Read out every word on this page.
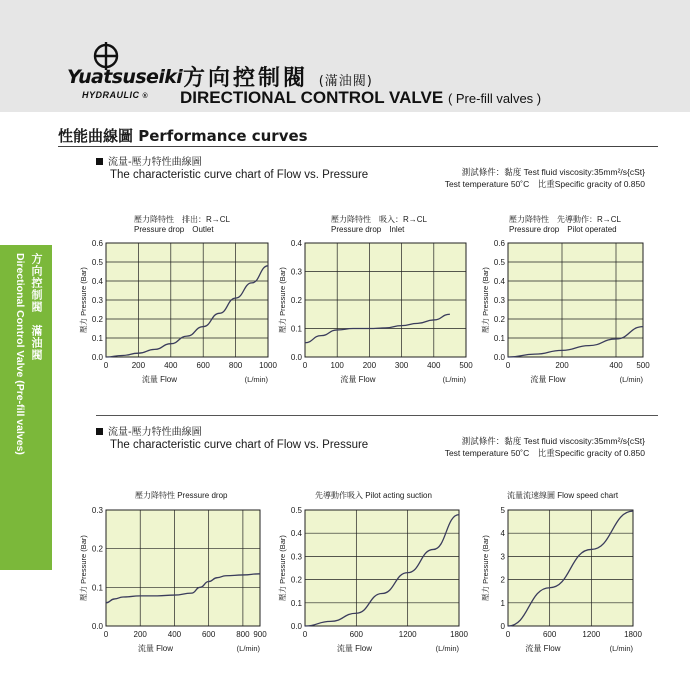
Yuatsuseiki
HYDRAULIC ®
方向控制閥 (滿油閥)
DIRECTIONAL CONTROL VALVE ( Pre-fill valves )
性能曲線圖 Performance curves
方向控制閥　滿油閥
Directional Control Valve (Pre-fill valves)
流量-壓力特性曲線圖
The characteristic curve chart of Flow vs. Pressure	測試條件：黏度 Test fluid viscosity:35mm²/s{cSt}
Test temperature 50˚C　比重Specific gracity of 0.850
流量-壓力特性曲線圖
The characteristic curve chart of Flow vs. Pressure	測試條件：黏度 Test fluid viscosity:35mm²/s{cSt}
Test temperature 50˚C　比重Specific gracity of 0.850
0	200 400 600 800 1000
0.0
0.1
0.2
0.3
0.4
0.5
0.6
壓力降特性　排出：R→CL
Pressure drop　Outlet
流量 Flow	(L/min)
壓力 Pressure (Bar)
0	100 200 300 400 500
0.0
0.1
0.2
0.3
0.4
壓力降特性　吸入：R→CL
Pressure drop　Inlet
流量 Flow	(L/min)
壓力 Pressure (Bar)
0	200	400 500
0.0
0.1
0.2
0.3
0.4
0.5
0.6
壓力降特性　先導動作：R→CL
Pressure drop　Pilot operated
流量 Flow	(L/min)
壓力 Pressure (Bar)
0	200	400	600	800 900
0.0
0.1
0.2
0.3
壓力降特性 Pressure drop
流量 Flow	(L/min)
壓力 Pressure (Bar)
0	600	1200	1800
0.0
0.1
0.2
0.3
0.4
0.5
先導動作吸入 Pilot acting suction
流量 Flow	(L/min)
壓力 Pressure (Bar)
0	600	1200	1800
0
1
2
3
4
5
流量流速線圖 Flow speed chart
流量 Flow	(L/min)
壓力 Pressure (Bar)
